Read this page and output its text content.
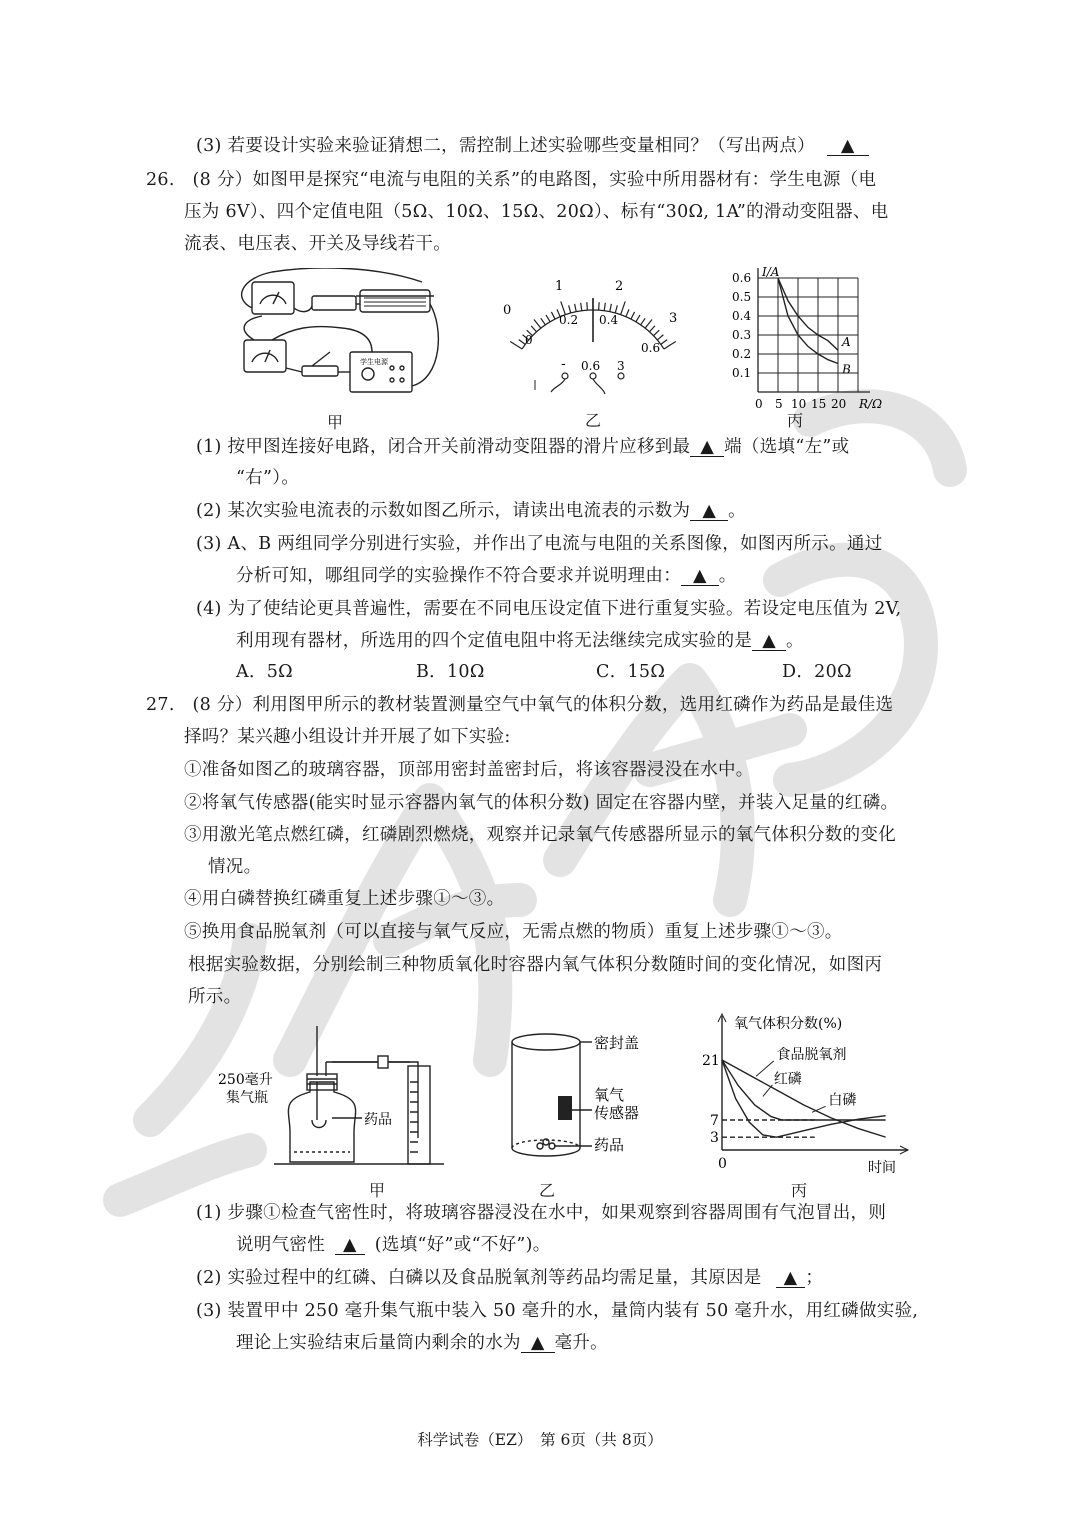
(3) 若要设计实验来验证猜想二，需控制上述实验哪些变量相同？（写出两点） ▲
26.　(8 分）如图甲是探究“电流与电阻的关系”的电路图，实验中所用器材有：学生电源（电
压为 6V）、四个定值电阻（5Ω、10Ω、15Ω、20Ω）、标有“30Ω, 1A”的滑动变阻器、电
流表、电压表、开关及导线若干。
学生电源
甲
0
1	2
3
0
0.2 0.4
0.6
- 0.6 3
乙
0.1
0.2
0.3
0.4
0.5
0.6
0 5 10 15 20
I/A
R/Ω
A
B
丙
(1) 按甲图连接好电路，闭合开关前滑动变阻器的滑片应移到最 ▲ 端（选填“左”或
“右”）。
(2) 某次实验电流表的示数如图乙所示，请读出电流表的示数为 ▲ 。
(3) A、B 两组同学分别进行实验，并作出了电流与电阻的关系图像，如图丙所示。通过
分析可知，哪组同学的实验操作不符合要求并说明理由： ▲ 。
(4) 为了使结论更具普遍性，需要在不同电压设定值下进行重复实验。若设定电压值为 2V,
利用现有器材，所选用的四个定值电阻中将无法继续完成实验的是 ▲ 。
A．5Ω	B．10Ω	C．15Ω	D．20Ω
27.　(8 分）利用图甲所示的教材装置测量空气中氧气的体积分数，选用红磷作为药品是最佳选
择吗？某兴趣小组设计并开展了如下实验:
①准备如图乙的玻璃容器，顶部用密封盖密封后，将该容器浸没在水中。
②将氧气传感器(能实时显示容器内氧气的体积分数) 固定在容器内壁，并装入足量的红磷。
③用激光笔点燃红磷，红磷剧烈燃烧，观察并记录氧气传感器所显示的氧气体积分数的变化
情况。
④用白磷替换红磷重复上述步骤①～③。
⑤换用食品脱氧剂（可以直接与氧气反应，无需点燃的物质）重复上述步骤①～③。
根据实验数据，分别绘制三种物质氧化时容器内氧气体积分数随时间的变化情况，如图丙
所示。
250毫升
集气瓶
药品
甲
密封盖
氧气
传感器
药品
乙
氧气体积分数(%)
时间
0
21
7
3
食品脱氧剂
红磷
白磷
丙
(1) 步骤①检查气密性时，将玻璃容器浸没在水中，如果观察到容器周围有气泡冒出，则
说明气密性 ▲ (选填“好”或“不好”)。
(2) 实验过程中的红磷、白磷以及食品脱氧剂等药品均需足量，其原因是 ▲ ；
(3) 装置甲中 250 毫升集气瓶中装入 50 毫升的水，量筒内装有 50 毫升水，用红磷做实验,
理论上实验结束后量筒内剩余的水为 ▲ 毫升。
科学试卷（EZ）　第 6页（共 8页）
